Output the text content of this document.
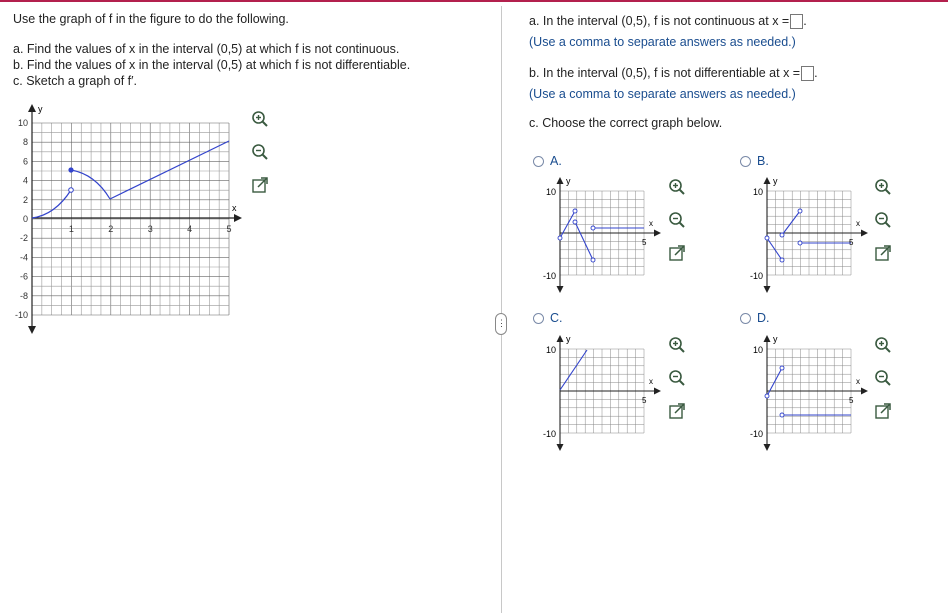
Use the graph of f in the figure to do the following.
a. Find the values of x in the interval (0,5) at which f is not continuous.
b. Find the values of x in the interval (0,5) at which f is not differentiable.
c. Sketch a graph of f′.
y
x
10
8
6
4
2
0
-2
-4
-6
-8
-10
1	2	3	4	5
⋮
a. In the interval (0,5), f is not continuous at x = .
(Use a comma to separate answers as needed.)
b. In the interval (0,5), f is not differentiable at x = .
(Use a comma to separate answers as needed.)
c. Choose the correct graph below.
A.	B.
C.	D.
10
-10
y
x
5
10
-10
y
x
5
10
-10
y
x
5
10
-10
y
x
5
